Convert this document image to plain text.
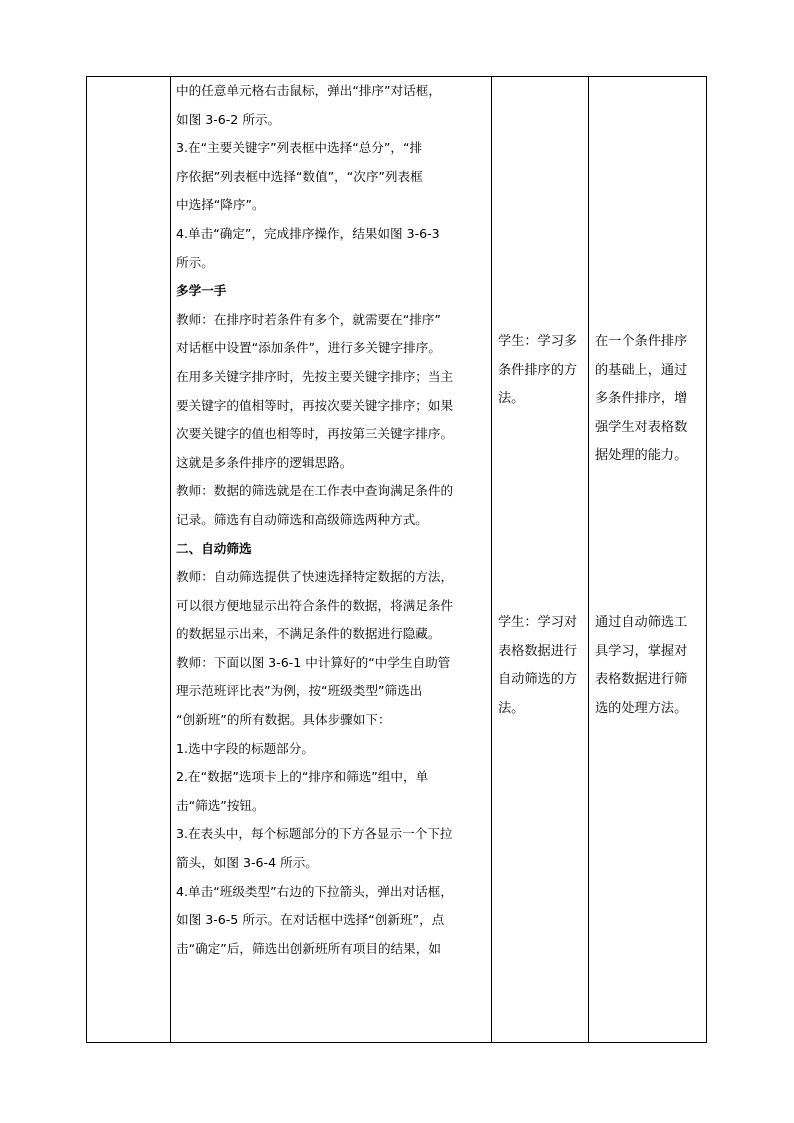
中的任意单元格右击鼠标，弹出“排序”对话框，

如图 3-6-2 所示。

3.在“主要关键字”列表框中选择“总分”，“排

序依据”列表框中选择“数值”，“次序”列表框

中选择“降序”。

4.单击“确定”，完成排序操作，结果如图 3-6-3

所示。

多学一手

教师：在排序时若条件有多个，就需要在“排序”

对话框中设置“添加条件”，进行多关键字排序。

在用多关键字排序时，先按主要关键字排序；当主

要关键字的值相等时，再按次要关键字排序；如果

次要关键字的值也相等时，再按第三关键字排序。

这就是多条件排序的逻辑思路。

教师：数据的筛选就是在工作表中查询满足条件的

记录。筛选有自动筛选和高级筛选两种方式。

二、自动筛选

教师：自动筛选提供了快速选择特定数据的方法，

可以很方便地显示出符合条件的数据，将满足条件

的数据显示出来，不满足条件的数据进行隐藏。

教师：下面以图 3-6-1 中计算好的“中学生自助管

理示范班评比表”为例，按“班级类型”筛选出

“创新班”的所有数据。具体步骤如下：

1.选中字段的标题部分。

2.在“数据”选项卡上的“排序和筛选”组中，单

击“筛选”按钮。

3.在表头中，每个标题部分的下方各显示一个下拉

箭头，如图 3-6-4 所示。

4.单击“班级类型”右边的下拉箭头，弹出对话框，

如图 3-6-5 所示。在对话框中选择“创新班”，点

击“确定”后，筛选出创新班所有项目的结果，如

学生：学习多
条件排序的方
法。
学生：学习对
表格数据进行
自动筛选的方
法。
在一个条件排序
的基础上，通过
多条件排序，增
强学生对表格数
据处理的能力。
通过自动筛选工
具学习，掌握对
表格数据进行筛
选的处理方法。
